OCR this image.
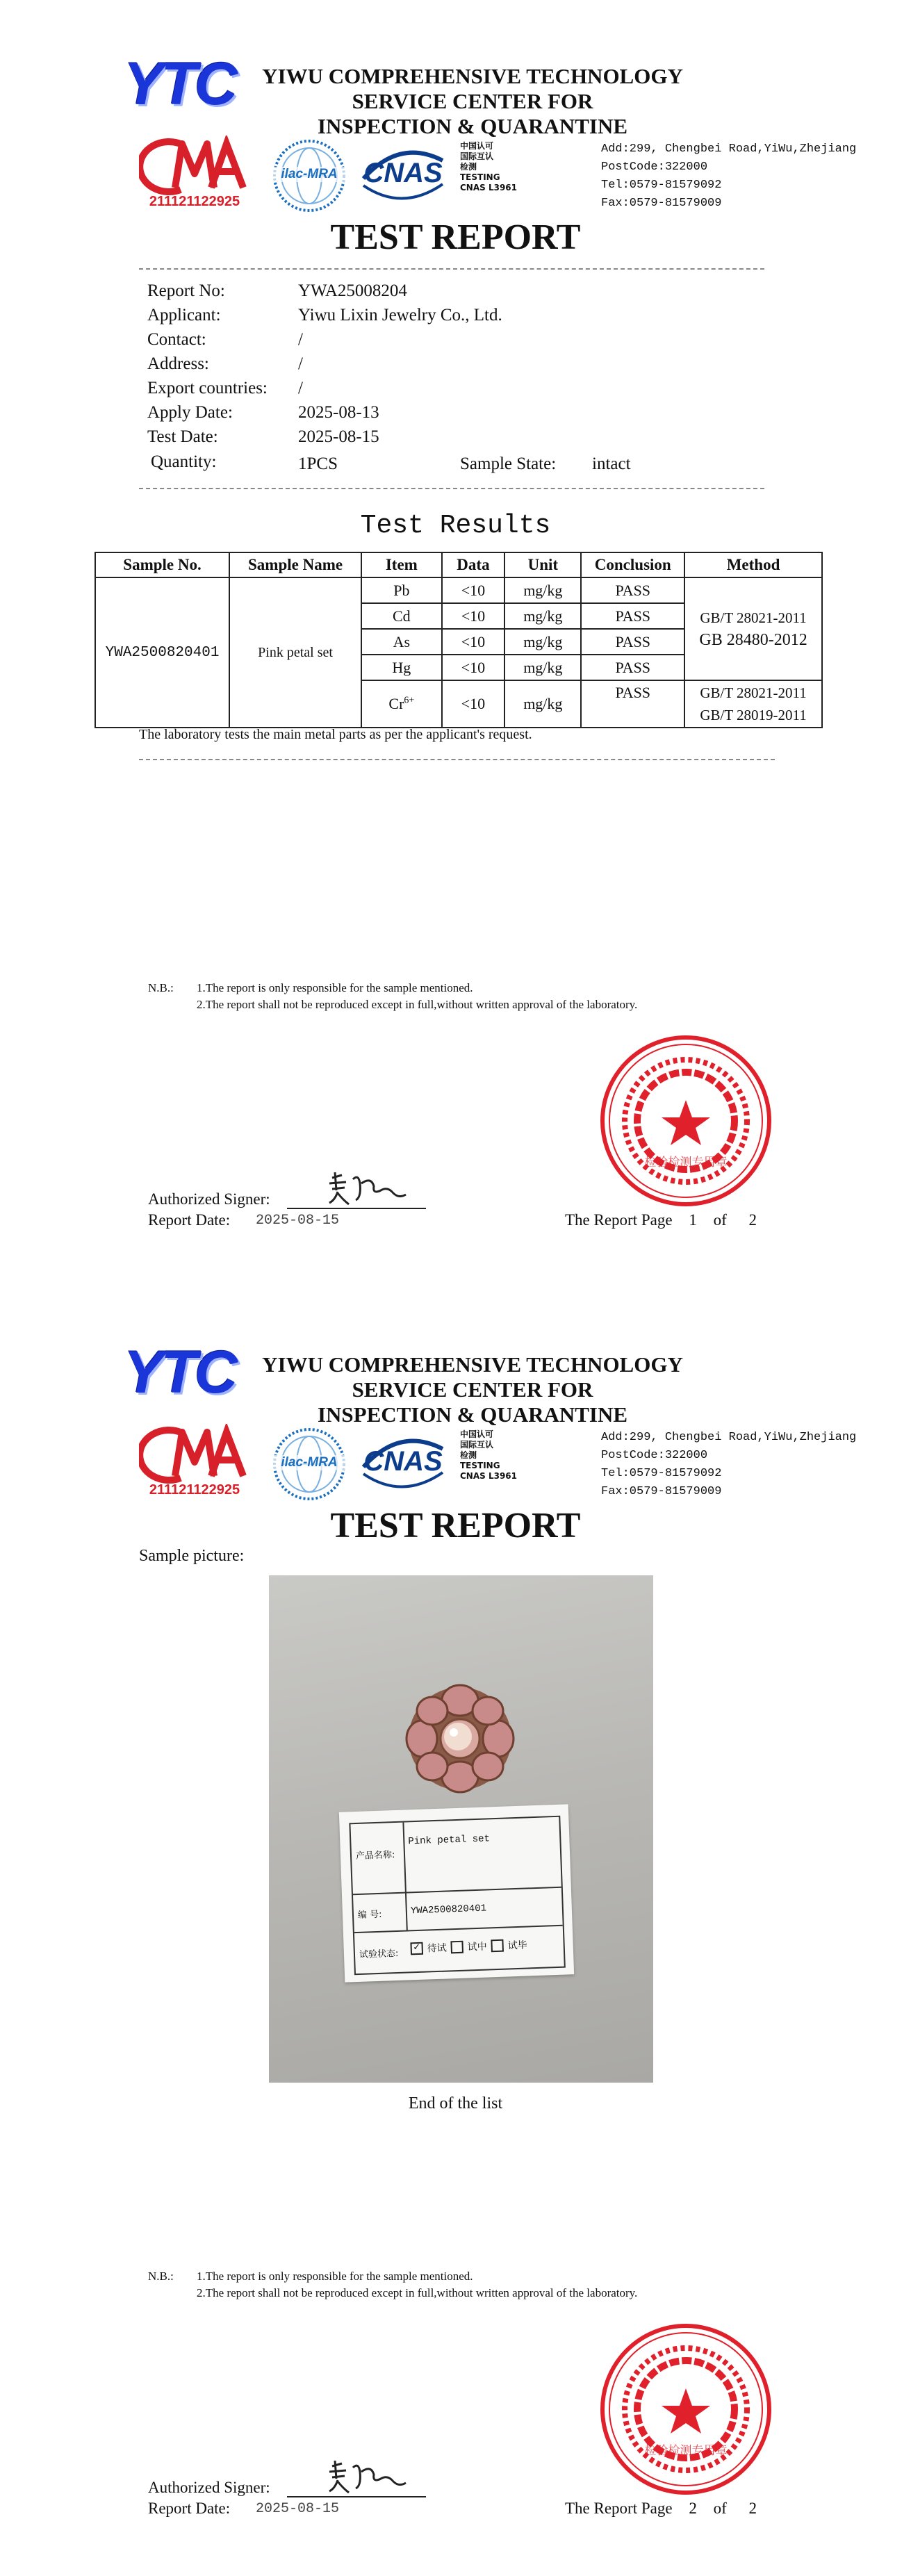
YTC YIWU COMPREHENSIVE TECHNOLOGY
SERVICE CENTER FOR
INSPECTION & QUARANTINE
211121122925
ilac-MRA CNAS
中国认可
国际互认
检测
TESTING
CNAS L3961
Add:299, Chengbei Road,YiWu,Zhejiang
PostCode:322000
Tel:0579-81579092
Fax:0579-81579009
TEST REPORT
Report No:	YWA25008204
Applicant:	Yiwu Lixin Jewelry Co., Ltd.
Contact:	/
Address:	/
Export countries: /
Apply Date:	2025-08-13
Test Date:	2025-08-15
Quantity:	1PCS	Sample State: intact
Test Results
Sample No.	Sample Name	Item	Data	Unit	Conclusion	Method
YWA2500820401	Pink petal set	Pb	<10	mg/kg	PASS	GB/T 28021-2011
GB 28480-2012

		Cd	<10	mg/kg	PASS	
		As	<10	mg/kg	PASS	
		Hg	<10	mg/kg	PASS	
		$Cr^{6+}$	<10	mg/kg	PASS	GB/T 28021-2011
GB/T 28019-2011
The laboratory tests the main metal parts as per the applicant's request.
N.B.: 1.The report is only responsible for the sample mentioned.
2.The report shall not be reproduced except in full,without written approval of the laboratory.
检验检测专用章
Authorized Signer:
Report Date: 2025-08-15	The Report Page 1 of 2
YTC YIWU COMPREHENSIVE TECHNOLOGY
SERVICE CENTER FOR
INSPECTION & QUARANTINE
211121122925
ilac-MRA CNAS
中国认可
国际互认
检测
TESTING
CNAS L3961
Add:299, Chengbei Road,YiWu,Zhejiang
PostCode:322000
Tel:0579-81579092
Fax:0579-81579009
TEST REPORT
Sample picture:
产品名称:
Pink petal set
编 号:	YWA2500820401
试验状态:
✓ 待试 试中 试毕
End of the list
N.B.: 1.The report is only responsible for the sample mentioned.
2.The report shall not be reproduced except in full,without written approval of the laboratory.
检验检测专用章
Authorized Signer:
Report Date: 2025-08-15	The Report Page 2 of 2
